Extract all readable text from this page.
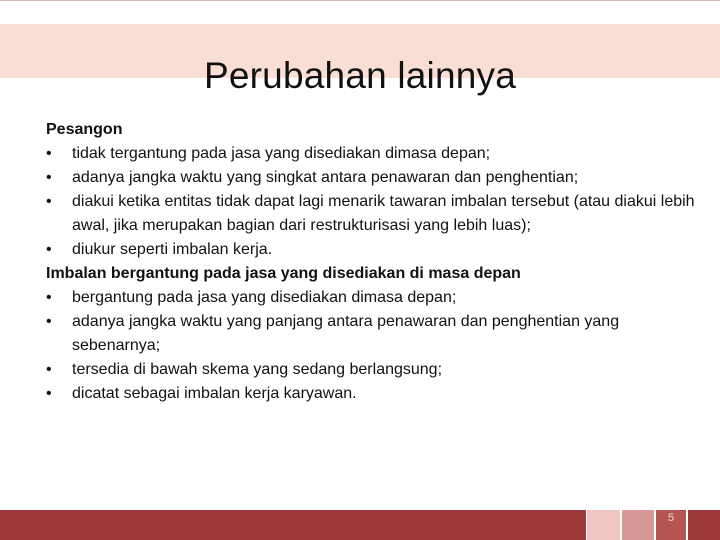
Perubahan lainnya

Pesangon

•	tidak tergantung pada jasa yang disediakan dimasa depan;
•	adanya jangka waktu yang singkat antara penawaran dan penghentian;
•	diakui ketika entitas tidak dapat lagi menarik tawaran imbalan tersebut (atau diakui lebih awal, jika merupakan bagian dari restrukturisasi yang lebih luas);
•	diukur seperti imbalan kerja.

Imbalan bergantung pada jasa yang disediakan di masa depan

•	bergantung pada jasa yang disediakan dimasa depan;
•	adanya jangka waktu yang panjang antara penawaran dan penghentian yang sebenarnya;
•	tersedia di bawah skema yang sedang berlangsung;
•	dicatat sebagai imbalan kerja karyawan.
5
